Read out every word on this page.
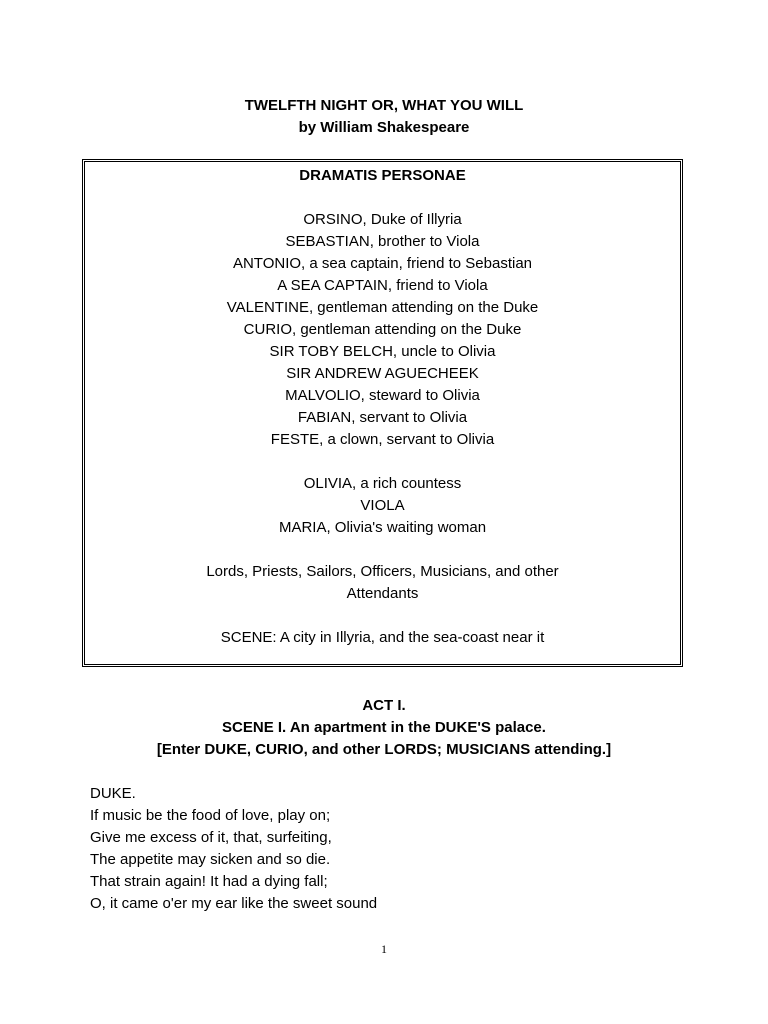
TWELFTH NIGHT OR, WHAT YOU WILL
by William Shakespeare
DRAMATIS PERSONAE
ORSINO, Duke of Illyria
SEBASTIAN, brother to Viola
ANTONIO, a sea captain, friend to Sebastian
A SEA CAPTAIN, friend to Viola
VALENTINE, gentleman attending on the Duke
CURIO, gentleman attending on the Duke
SIR TOBY BELCH, uncle to Olivia
SIR ANDREW AGUECHEEK
MALVOLIO, steward to Olivia
FABIAN, servant to Olivia
FESTE, a clown, servant to Olivia
OLIVIA, a rich countess
VIOLA
MARIA, Olivia's waiting woman
Lords, Priests, Sailors, Officers, Musicians, and other
Attendants
SCENE: A city in Illyria, and the sea-coast near it
ACT I.
SCENE I. An apartment in the DUKE'S palace.
[Enter DUKE, CURIO, and other LORDS; MUSICIANS attending.]
DUKE.
If music be the food of love, play on;
Give me excess of it, that, surfeiting,
The appetite may sicken and so die.
That strain again! It had a dying fall;
O, it came o'er my ear like the sweet sound
1
